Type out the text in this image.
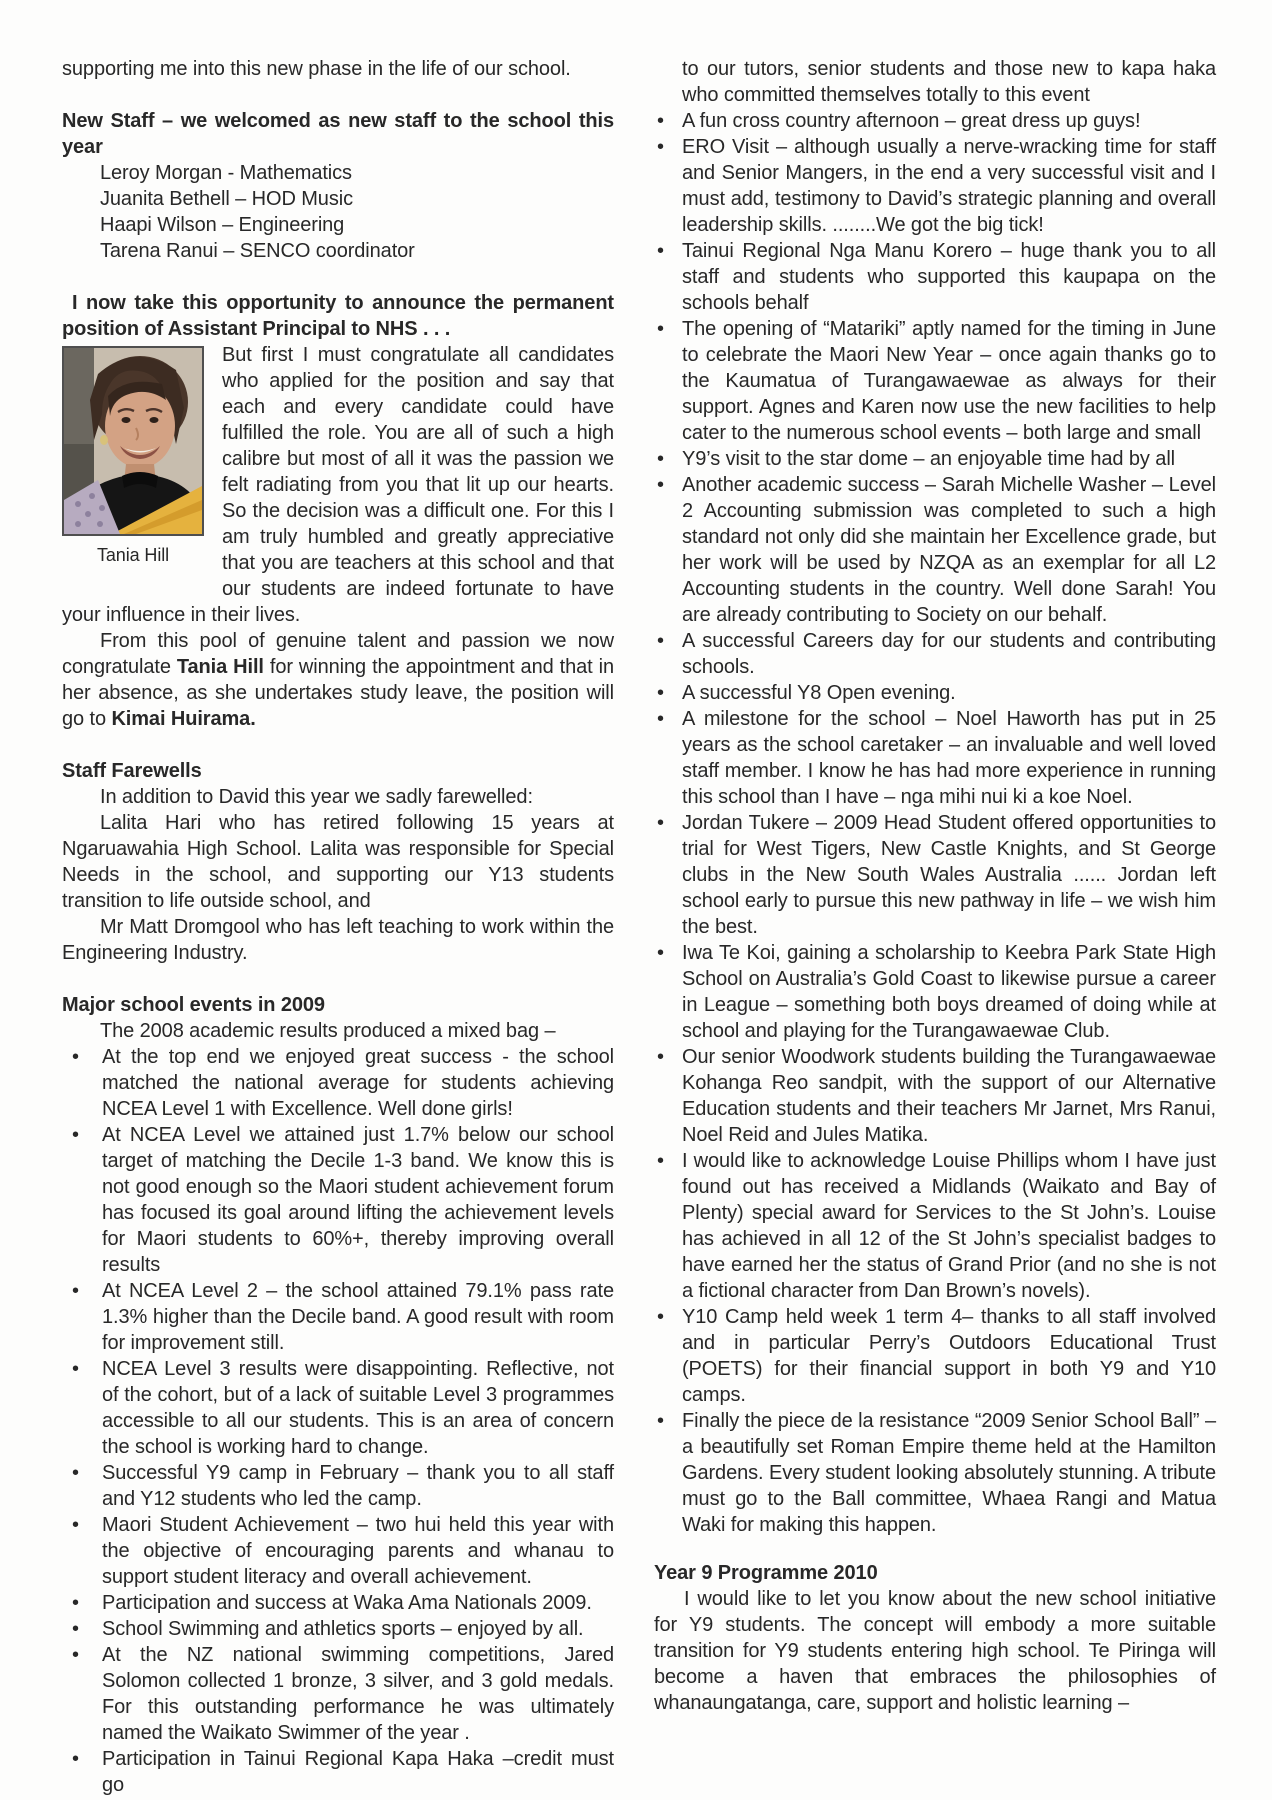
supporting me into this new phase in the life of our school.

New Staff – we welcomed as new staff to the school this year

Leroy Morgan - Mathematics

Juanita Bethell – HOD Music

Haapi Wilson – Engineering

Tarena Ranui – SENCO coordinator

I now take this opportunity to announce the permanent position of Assistant Principal to NHS . . .
Tania Hill

But first I must congratulate all candidates who applied for the position and say that each and every candidate could have fulfilled the role. You are all of such a high calibre but most of all it was the passion we felt radiating from you that lit up our hearts. So the decision was a difficult one. For this I am truly humbled and greatly appreciative that you are teachers at this school and that our students are indeed fortunate to have your influence in their lives.

From this pool of genuine talent and passion we now congratulate Tania Hill for winning the appointment and that in her absence, as she undertakes study leave, the position will go to Kimai Huirama.

Staff Farewells

In addition to David this year we sadly farewelled:

Lalita Hari who has retired following 15 years at Ngaruawahia High School. Lalita was responsible for Special Needs in the school, and supporting our Y13 students transition to life outside school, and

Mr Matt Dromgool who has left teaching to work within the Engineering Industry.

Major school events in 2009

The 2008 academic results produced a mixed bag –

• At the top end we enjoyed great success - the school matched the national average for students achieving NCEA Level 1 with Excellence. Well done girls!
• At NCEA Level we attained just 1.7% below our school target of matching the Decile 1-3 band. We know this is not good enough so the Maori student achievement forum has focused its goal around lifting the achievement levels for Maori students to 60%+, thereby improving overall results
• At NCEA Level 2 – the school attained 79.1% pass rate 1.3% higher than the Decile band. A good result with room for improvement still.
• NCEA Level 3 results were disappointing. Reflective, not of the cohort, but of a lack of suitable Level 3 programmes accessible to all our students. This is an area of concern the school is working hard to change.
• Successful Y9 camp in February – thank you to all staff and Y12 students who led the camp.
• Maori Student Achievement – two hui held this year with the objective of encouraging parents and whanau to support student literacy and overall achievement.
• Participation and success at Waka Ama Nationals 2009.
• School Swimming and athletics sports – enjoyed by all.
• At the NZ national swimming competitions, Jared Solomon collected 1 bronze, 3 silver, and 3 gold medals. For this outstanding performance he was ultimately named the Waikato Swimmer of the year .
• Participation in Tainui Regional Kapa Haka –credit must go

to our tutors, senior students and those new to kapa haka who committed themselves totally to this event

• A fun cross country afternoon – great dress up guys!
• ERO Visit – although usually a nerve-wracking time for staff and Senior Mangers, in the end a very successful visit and I must add, testimony to David’s strategic planning and overall leadership skills. ........We got the big tick!
• Tainui Regional Nga Manu Korero – huge thank you to all staff and students who supported this kaupapa on the schools behalf
• The opening of “Matariki” aptly named for the timing in June to celebrate the Maori New Year – once again thanks go to the Kaumatua of Turangawaewae as always for their support. Agnes and Karen now use the new facilities to help cater to the numerous school events – both large and small
• Y9’s visit to the star dome – an enjoyable time had by all
• Another academic success – Sarah Michelle Washer – Level 2 Accounting submission was completed to such a high standard not only did she maintain her Excellence grade, but her work will be used by NZQA as an exemplar for all L2 Accounting students in the country. Well done Sarah! You are already contributing to Society on our behalf.
• A successful Careers day for our students and contributing schools.
• A successful Y8 Open evening.
• A milestone for the school – Noel Haworth has put in 25 years as the school caretaker – an invaluable and well loved staff member. I know he has had more experience in running this school than I have – nga mihi nui ki a koe Noel.
• Jordan Tukere – 2009 Head Student offered opportunities to trial for West Tigers, New Castle Knights, and St George clubs in the New South Wales Australia ...... Jordan left school early to pursue this new pathway in life – we wish him the best.
• Iwa Te Koi, gaining a scholarship to Keebra Park State High School on Australia’s Gold Coast to likewise pursue a career in League – something both boys dreamed of doing while at school and playing for the Turangawaewae Club.
• Our senior Woodwork students building the Turangawaewae Kohanga Reo sandpit, with the support of our Alternative Education students and their teachers Mr Jarnet, Mrs Ranui, Noel Reid and Jules Matika.
• I would like to acknowledge Louise Phillips whom I have just found out has received a Midlands (Waikato and Bay of Plenty) special award for Services to the St John’s. Louise has achieved in all 12 of the St John’s specialist badges to have earned her the status of Grand Prior (and no she is not a fictional character from Dan Brown’s novels).
• Y10 Camp held week 1 term 4– thanks to all staff involved and in particular Perry’s Outdoors Educational Trust (POETS) for their financial support in both Y9 and Y10 camps.
• Finally the piece de la resistance “2009 Senior School Ball” – a beautifully set Roman Empire theme held at the Hamilton Gardens. Every student looking absolutely stunning. A tribute must go to the Ball committee, Whaea Rangi and Matua Waki for making this happen.
Year 9 Programme 2010

I would like to let you know about the new school initiative for Y9 students. The concept will embody a more suitable transition for Y9 students entering high school. Te Piringa will become a haven that embraces the philosophies of whanaungatanga, care, support and holistic learning –
